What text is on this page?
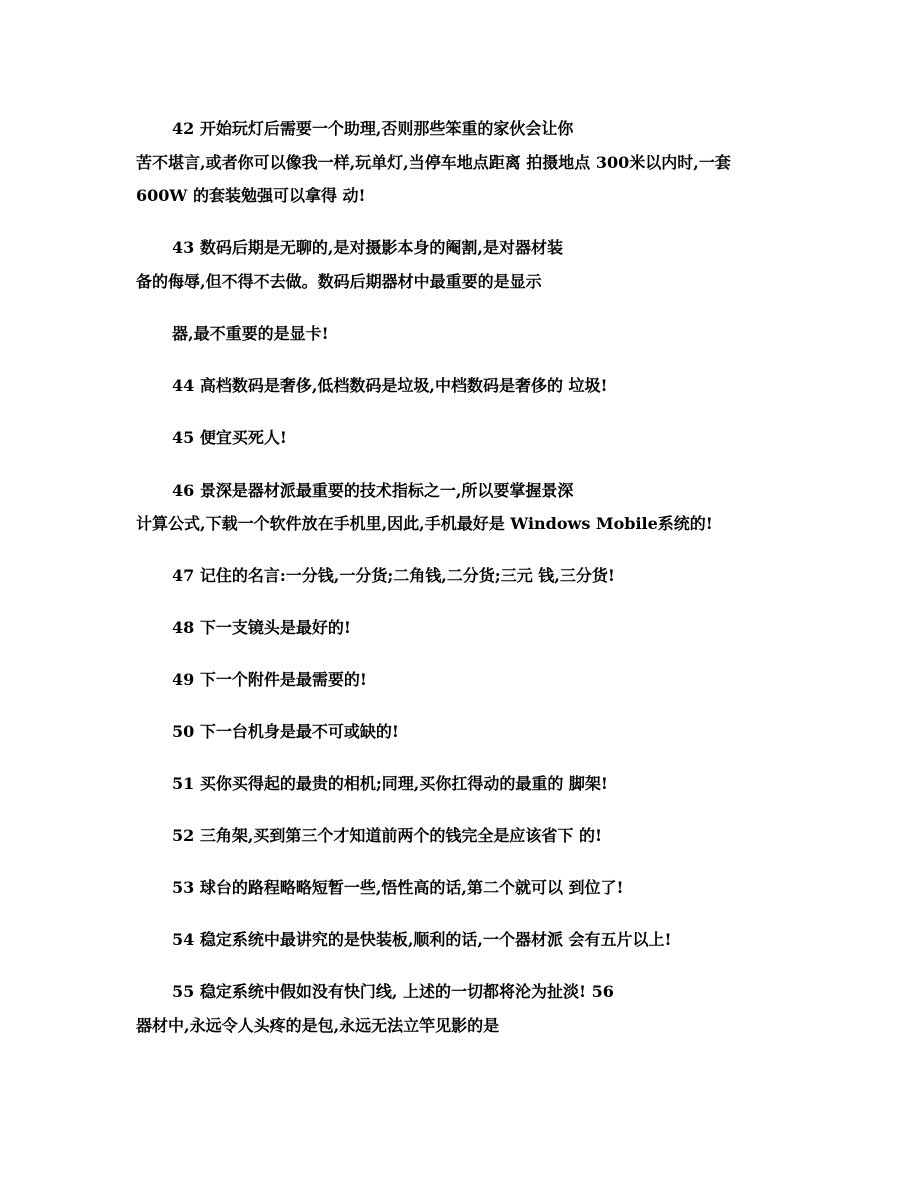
42 开始玩灯后需要一个助理,否则那些笨重的家伙会让你
苦不堪言,或者你可以像我一样,玩单灯,当停车地点距离 拍摄地点 300米以内时,一套
600W 的套装勉强可以拿得 动!
43 数码后期是无聊的,是对摄影本身的阉割,是对器材装
备的侮辱,但不得不去做。数码后期器材中最重要的是显示
器,最不重要的是显卡!
44 高档数码是奢侈,低档数码是垃圾,中档数码是奢侈的 垃圾!
45 便宜买死人!
46 景深是器材派最重要的技术指标之一,所以要掌握景深
计算公式,下载一个软件放在手机里,因此,手机最好是 Windows Mobile系统的!
47 记住的名言:一分钱,一分货;二角钱,二分货;三元 钱,三分货!
48 下一支镜头是最好的!
49 下一个附件是最需要的!
50 下一台机身是最不可或缺的!
51 买你买得起的最贵的相机;同理,买你扛得动的最重的 脚架!
52 三角架,买到第三个才知道前两个的钱完全是应该省下 的!
53 球台的路程略略短暂一些,悟性高的话,第二个就可以 到位了!
54 稳定系统中最讲究的是快装板,顺利的话,一个器材派 会有五片以上!
55 稳定系统中假如没有快门线, 上述的一切都将沦为扯淡! 56
器材中,永远令人头疼的是包,永远无法立竿见影的是
